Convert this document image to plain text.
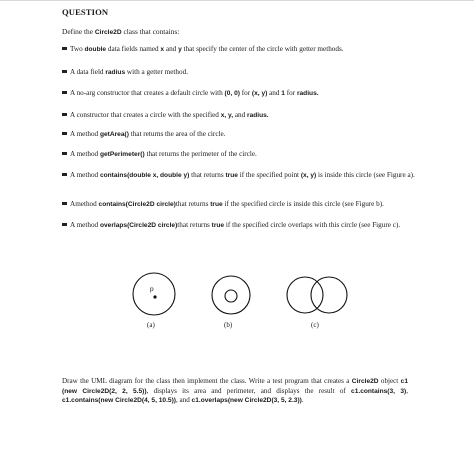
QUESTION
Define the Circle2D class that contains:
Two double data fields named x and y that specify the center of the circle with getter methods.
A data field radius with a getter method.
A no-arg constructor that creates a default circle with (0, 0) for (x, y) and 1 for radius.
A constructor that creates a circle with the specified x, y, and radius.
A method getArea() that returns the area of the circle.
A method getPerimeter() that returns the perimeter of the circle.
A method contains(double x, double y) that returns true if the specified point (x, y) is inside this circle (see Figure a).
Amethod contains(Circle2D circle)that returns true if the specified circle is inside this circle (see Figure b).
A method overlaps(Circle2D circle)that returns true if the specified circle overlaps with this circle (see Figure c).
p
(a)	(b)	(c)
Draw the UML diagram for the class then implement the class. Write a test program that creates a Circle2D object c1 (new Circle2D(2, 2, 5.5)), displays its area and perimeter, and displays the result of c1.contains(3, 3), c1.contains(new Circle2D(4, 5, 10.5)), and c1.overlaps(new Circle2D(3, 5, 2.3)).
